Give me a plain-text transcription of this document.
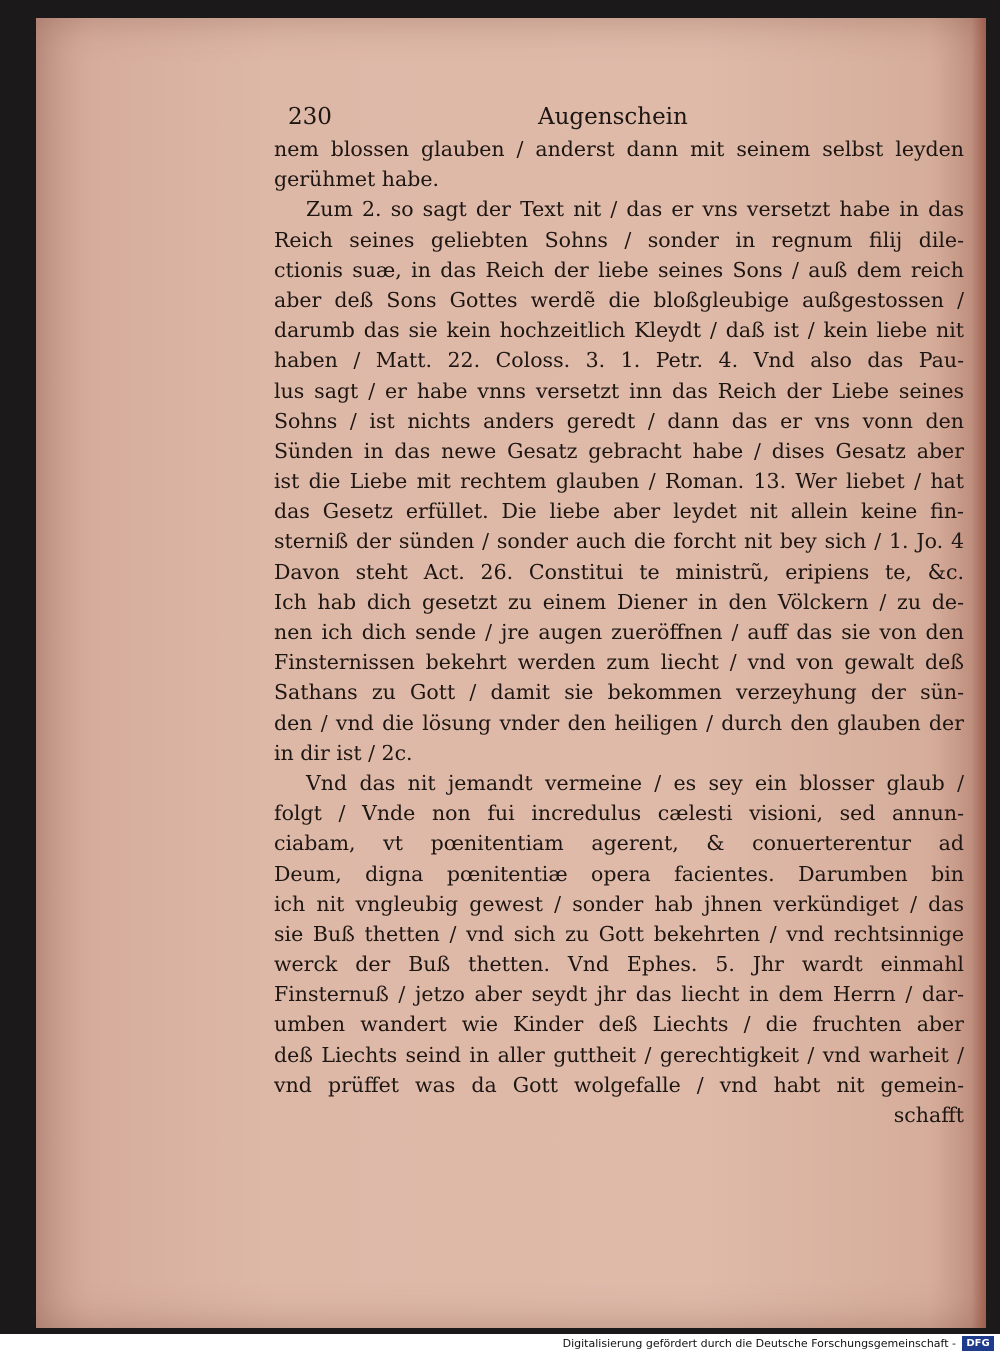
230	Augenschein
nem blossen glauben / anderst dann mit seinem selbst leyden
gerühmet habe.
Zum 2. so sagt der Text nit / das er vns versetzt habe in das
Reich seines geliebten Sohns / sonder in regnum filij dile-
ctionis suæ, in das Reich der liebe seines Sons / auß dem reich
aber deß Sons Gottes werdẽ die bloßgleubige außgestossen /
darumb das sie kein hochzeitlich Kleydt / daß ist / kein liebe nit
haben / Matt. 22. Coloss. 3. 1. Petr. 4. Vnd also das Pau-
lus sagt / er habe vnns versetzt inn das Reich der Liebe seines
Sohns / ist nichts anders geredt / dann das er vns vonn den
Sünden in das newe Gesatz gebracht habe / dises Gesatz aber
ist die Liebe mit rechtem glauben / Roman. 13. Wer liebet / hat
das Gesetz erfüllet. Die liebe aber leydet nit allein keine fin-
sterniß der sünden / sonder auch die forcht nit bey sich / 1. Jo. 4
Davon steht Act. 26. Constitui te ministrũ, eripiens te, &c.
Ich hab dich gesetzt zu einem Diener in den Völckern / zu de-
nen ich dich sende / jre augen zueröffnen / auff das sie von den
Finsternissen bekehrt werden zum liecht / vnd von gewalt deß
Sathans zu Gott / damit sie bekommen verzeyhung der sün-
den / vnd die lösung vnder den heiligen / durch den glauben der
in dir ist / 2c.
Vnd das nit jemandt vermeine / es sey ein blosser glaub /
folgt / Vnde non fui incredulus cælesti visioni, sed annun-
ciabam, vt pœnitentiam agerent, & conuerterentur ad
Deum, digna pœnitentiæ opera facientes. Darumben bin
ich nit vngleubig gewest / sonder hab jhnen verkündiget / das
sie Buß thetten / vnd sich zu Gott bekehrten / vnd rechtsinnige
werck der Buß thetten. Vnd Ephes. 5. Jhr wardt einmahl
Finsternuß / jetzo aber seydt jhr das liecht in dem Herrn / dar-
umben wandert wie Kinder deß Liechts / die fruchten aber
deß Liechts seind in aller guttheit / gerechtigkeit / vnd warheit /
vnd prüffet was da Gott wolgefalle / vnd habt nit gemein-
schafft
Digitalisierung gefördert durch die Deutsche Forschungsgemeinschaft -	DFG
